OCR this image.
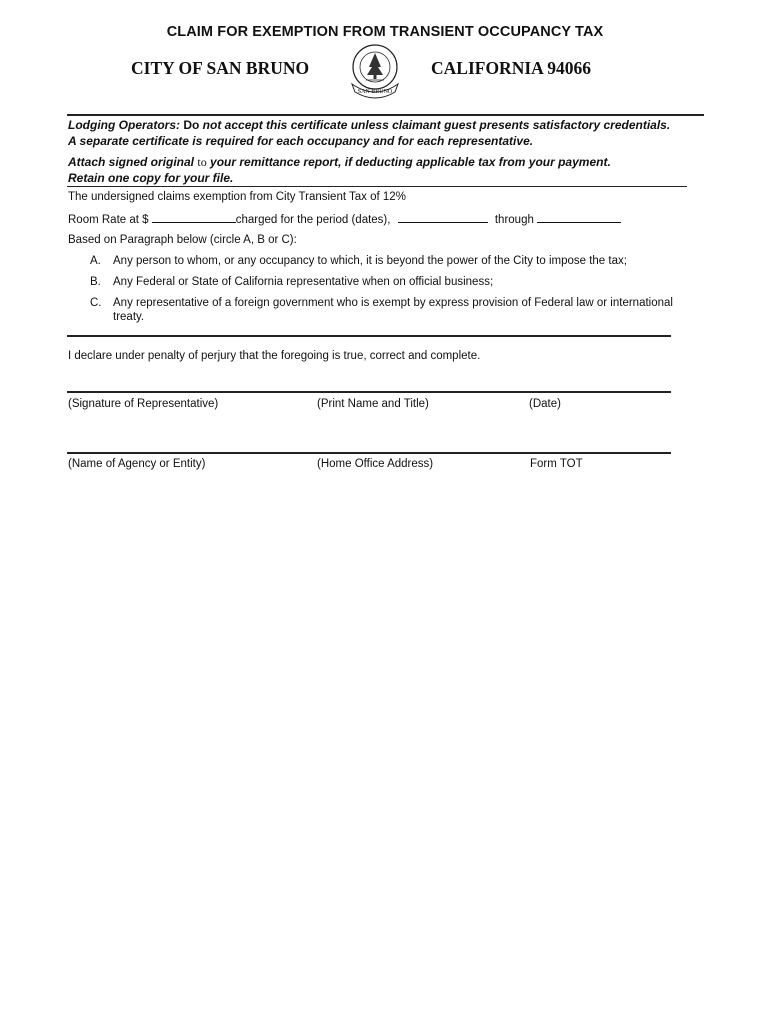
CLAIM FOR EXEMPTION FROM TRANSIENT OCCUPANCY TAX
CITY OF SAN BRUNO	CALIFORNIA 94066
SAN BRUNO
Lodging Operators: Do not accept this certificate unless claimant guest presents satisfactory credentials.
A separate certificate is required for each occupancy and for each representative.
Attach signed original to your remittance report, if deducting applicable tax from your payment.
Retain one copy for your file.
The undersigned claims exemption from City Transient Tax of 12%
Room Rate at $	charged for the period (dates),	through
Based on Paragraph below (circle A, B or C):
A. Any person to whom, or any occupancy to which, it is beyond the power of the City to impose the tax;
B. Any Federal or State of California representative when on official business;
C. Any representative of a foreign government who is exempt by express provision of Federal law or international
treaty.
I declare under penalty of perjury that the foregoing is true, correct and complete.
(Signature of Representative)	(Print Name and Title)	(Date)
(Name of Agency or Entity)	(Home Office Address)	Form TOT
